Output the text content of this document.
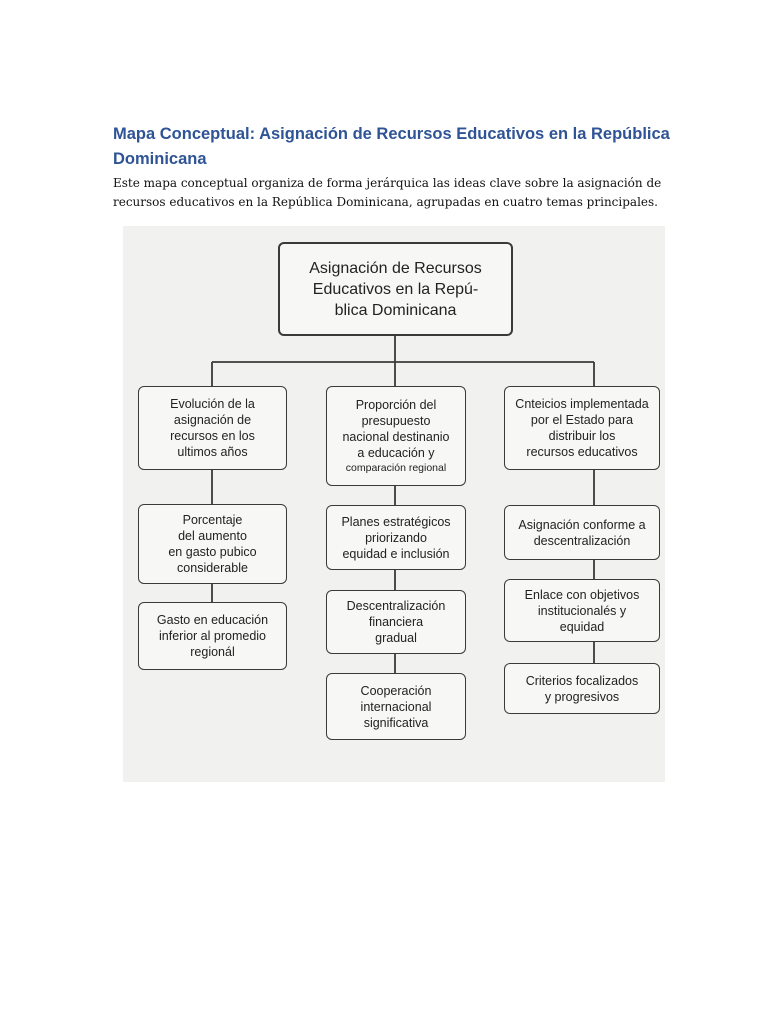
Mapa Conceptual: Asignación de Recursos Educativos en la República Dominicana

Este mapa conceptual organiza de forma jerárquica las ideas clave sobre la asignación de recursos educativos en la República Dominicana, agrupadas en cuatro temas principales.

Asignación de Recursos
Educativos en la Repú-
blica Dominicana
Evolución de la
asignación de
recursos en los
ultimos años
Porcentaje
del aumento
en gasto pubico
considerable
Gasto en educación
inferior al promedio
regionál
Proporción del
presupuesto
nacional destinanio
a educación y
comparación regional
Planes estratégicos
priorizando
equidad e inclusión
Descentralización
financiera
gradual
Cooperación
internacional
significativa
Cnteicios implementada
por el Estado para
distribuir los
recursos educativos
Asignación conforme a
descentralización
Enlace con objetivos
institucionalés y
equidad
Criterios focalizados
y progresivos
